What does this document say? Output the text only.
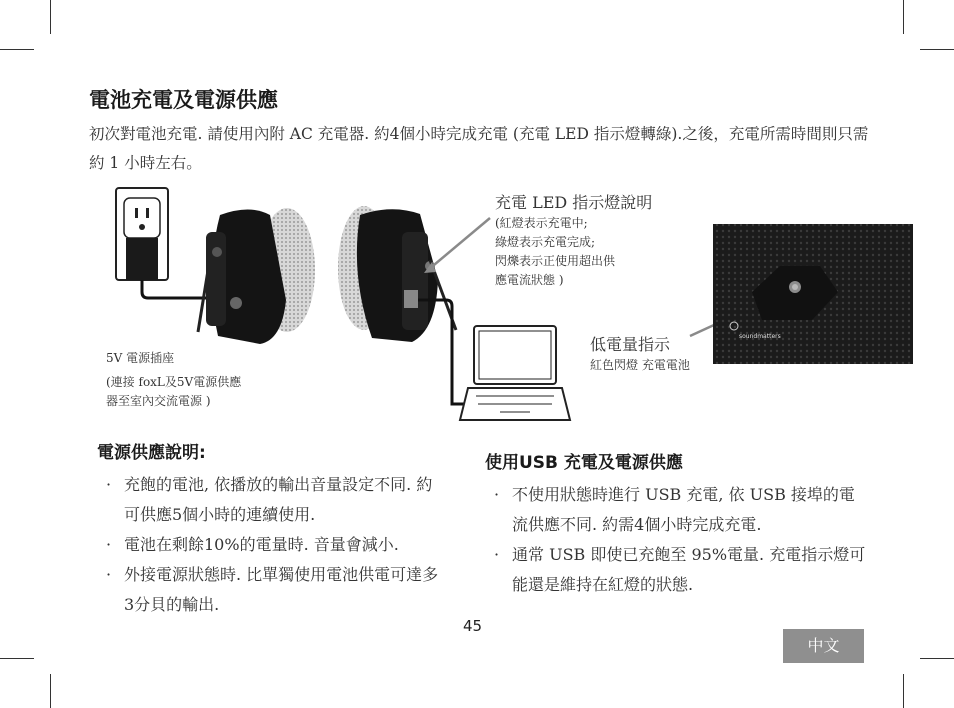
電池充電及電源供應
初次對電池充電. 請使用內附 AC 充電器. 約4個小時完成充電 (充電 LED 指示燈轉綠).之後，充電所需時間則只需約 1 小時左右。
soundmatters
充電 LED 指示燈說明
(紅燈表示充電中;
綠燈表示充電完成;
閃爍表示正使用超出供
應電流狀態 )
低電量指示
紅色閃燈 充電電池
5V 電源插座
(連接 foxL及5V電源供應
器至室內交流電源 )
電源供應說明:
· 充飽的電池, 依播放的輸出音量設定不同. 約可供應5個小時的連續使用.
· 電池在剩餘10%的電量時. 音量會減小.
· 外接電源狀態時. 比單獨使用電池供電可達多3分貝的輸出.
使用USB 充電及電源供應
· 不使用狀態時進行 USB 充電, 依 USB 接埠的電流供應不同. 約需4個小時完成充電.
· 通常 USB 即使已充飽至 95%電量. 充電指示燈可能還是維持在紅燈的狀態.
45
中文
